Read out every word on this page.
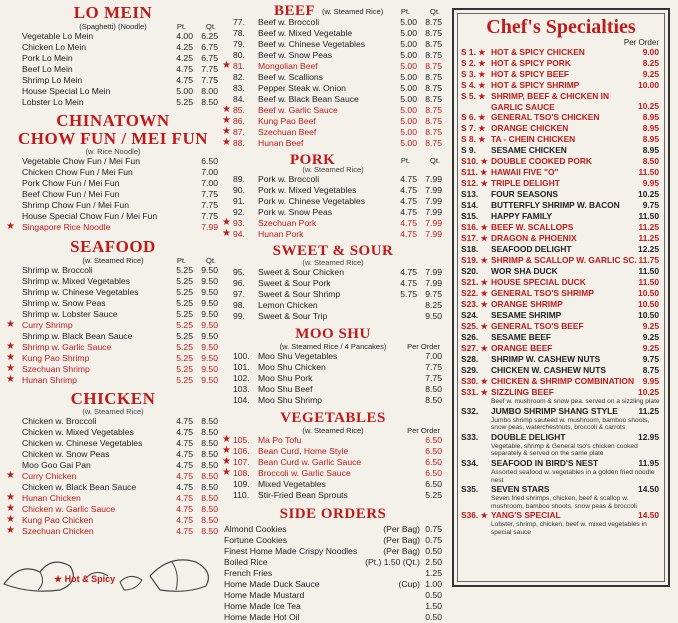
LO MEIN
(Spaghetti) (Noodle)	Pt.	Qt.
Vegetable Lo Mein	4.00 6.25
Chicken Lo Mein	4.25 6.75
Pork Lo Mein	4.25 6.75
Beef Lo Mein	4.75 7.75
Shrimp Lo Mein	4.75 7.75
House Special Lo Mein	5.00 8.00
Lobster Lo Mein	5.25 8.50
CHINATOWN
CHOW FUN / MEI FUN
(w. Rice Noodle)
Vegetable Chow Fun / Mei Fun	6.50
Chicken Chow Fun / Mei Fun	7.00
Pork Chow Fun / Mei Fun	7.00
Beef Chow Fun / Mei Fun	7.75
Shrimp Chow Fun / Mei Fun	7.75
House Special Chow Fun / Mei Fun	7.75
★ Singapore Rice Noodle	7.99
SEAFOOD
(w. Steamed Rice)	Pt.	Qt.
Shrimp w. Broccoli	5.25 9.50
Shrimp w. Mixed Vegetables	5.25 9.50
Shrimp w. Chinese Vegetables	5.25 9.50
Shrimp w. Snow Peas	5.25 9.50
Shrimp w. Lobster Sauce	5.25 9.50
★ Curry Shrimp	5.25 9.50
Shrimp w. Black Bean Sauce	5.25 9.50
★ Shrimp w. Garlic Sauce	5.25 9.50
★ Kung Pao Shrimp	5.25 9.50
★ Szechuan Shrimp	5.25 9.50
★ Hunan Shrimp	5.25 9.50
CHICKEN
(w. Steamed Rice)
Chicken w. Broccoli	4.75 8.50
Chicken w. Mixed Vegetables	4.75 8.50
Chicken w. Chinese Vegetables	4.75 8.50
Chicken w. Snow Peas	4.75 8.50
Moo Goo Gai Pan	4.75 8.50
★ Curry Chicken	4.75 8.50
Chicken w. Black Bean Sauce	4.75 8.50
★ Hunan Chicken	4.75 8.50
★ Chicken w. Garlic Sauce	4.75 8.50
★ Kung Pao Chicken	4.75 8.50
★ Szechuan Chicken	4.75 8.50
★ Hot & Spicy
BEEF (w. Steamed Rice) Pt.	Qt.
77.	Beef w. Broccoli	5.00 8.75
78.	Beef w. Mixed Vegetable	5.00 8.75
79.	Beef w. Chinese Vegetables	5.00 8.75
80.	Beef w. Snow Peas	5.00 8.75
★ 81.	Mongolian Beef	5.00 8.75
82.	Beef w. Scallions	5.00 8.75
83.	Pepper Steak w. Onion	5.00 8.75
84.	Beef w. Black Bean Sauce	5.00 8.75
★ 85.	Beef w. Garlic Sauce	5.00 8.75
★ 86.	Kung Pao Beef	5.00 8.75
★ 87.	Szechuan Beef	5.00 8.75
★ 88.	Hunan Beef	5.00 8.75
PORK	Pt.	Qt.
(w. Steamed Rice)
89.	Pork w. Broccoli	4.75 7.99
90.	Pork w. Mixed Vegetables	4.75 7.99
91.	Pork w. Chinese Vegetables	4.75 7.99
92.	Pork w. Snow Peas	4.75 7.99
★ 93.	Szechuan Pork	4.75 7.99
★ 94.	Hunan Pork	4.75 7.99
SWEET & SOUR
(w. Steamed Rice)
95.	Sweet & Sour Chicken	4.75 7.99
96.	Sweet & Sour Pork	4.75 7.99
97.	Sweet & Sour Shrimp	5.75 9.75
98.	Lemon Chicken	8.25
99.	Sweet & Sour Trip	9.50
MOO SHU
(w. Steamed Rice / 4 Pancakes)	Per Order
100. Moo Shu Vegetables	7.00
101. Moo Shu Chicken	7.75
102. Moo Shu Pork	7.75
103. Moo Shu Beef	8.50
104. Moo Shu Shrimp	8.50
VEGETABLES
(w. Steamed Rice)	Per Order
★ 105. Ma Po Tofu	6.50
★ 106. Bean Curd, Home Style	6.50
★ 107. Bean Curd w. Garlic Sauce	6.50
★ 108. Broccoli w. Garlic Sauce	6.50
109. Mixed Vegetables	6.50
110.	Stir-Fried Bean Sprouts	5.25
SIDE ORDERS
Almond Cookies	(Per Bag) 0.75
Fortune Cookies	(Per Bag) 0.75
Finest Home Made Crispy Noodles	(Per Bag) 0.50
Boiled Rice	(Pt.) 1.50 (Qt.) 2.50
French Fries	1.25
Home Made Duck Sauce	(Cup) 1.00
Home Made Mustard	0.50
Home Made Ice Tea	1.50
Home Made Hot Oil	0.50
Chef's Specialties
Per Order
S 1. ★ HOT & SPICY CHICKEN	9.00
S 2. ★ HOT & SPICY PORK	8.25
S 3. ★ HOT & SPICY BEEF	9.25
S 4. ★ HOT & SPICY SHRIMP	10.00
S 5. ★ SHRIMP, BEEF & CHICKEN IN GARLIC SAUCE	10.25
S 6. ★ GENERAL TSO'S CHICKEN	8.95
S 7. ★ ORANGE CHICKEN	8.95
S 8. ★ TA - CHEIN CHICKEN	8.95
S 9.	SESAME CHICKEN	8.95
S10. ★ DOUBLE COOKED PORK	8.50
S11. ★ HAWAII FIVE "O"	11.50
S12. ★ TRIPLE DELIGHT	9.95
S13.	FOUR SEASONS	10.25
S14.	BUTTERFLY SHRIMP W. BACON	9.75
S15.	HAPPY FAMILY	11.50
S16. ★ BEEF W. SCALLOPS	11.25
S17. ★ DRAGON & PHOENIX	11.25
S18.	SEAFOOD DELIGHT	12.25
S19. ★ SHRIMP & SCALLOP W. GARLIC SC. 11.75
S20.	WOR SHA DUCK	11.50
S21. ★ HOUSE SPECIAL DUCK	11.50
S22. ★ GENERAL TSO'S SHRIMP	10.50
S23. ★ ORANGE SHRIMP	10.50
S24.	SESAME SHRIMP	10.50
S25. ★ GENERAL TSO'S BEEF	9.25
S26.	SESAME BEEF	9.25
S27. ★ ORANGE BEEF	9.25
S28.	SHRIMP W. CASHEW NUTS	9.75
S29.	CHICKEN W. CASHEW NUTS	8.75
S30. ★ CHICKEN & SHRIMP COMBINATION 9.95
S31. ★ SIZZLING BEEF	10.25
Beef w. mushroom & snow pea. served on a sizzling plate
S32.	JUMBO SHRIMP SHANG STYLE 11.25
Jumbo shrimp sauteed w. mushroom, bamboo shoots, snow peas, waterchestnuts, broccoli & carrots
S33.	DOUBLE DELIGHT	12.95
Vegetable, shrimp & General tso's chicken cooked separately & served on the same plate
S34.	SEAFOOD IN BIRD'S NEST	11.95
Assorted seafood w. vegetables in a golden fried noodle nest
S35.	SEVEN STARS	14.50
Seven fried shrimps, chicken, beef & scallop w. mushroom, bamboo shoots, snow peas & broccoli
S36. ★ YANG'S SPECIAL	14.50
Lobster, shrimp, chicken, beef w. mixed vegetables in special sauce
